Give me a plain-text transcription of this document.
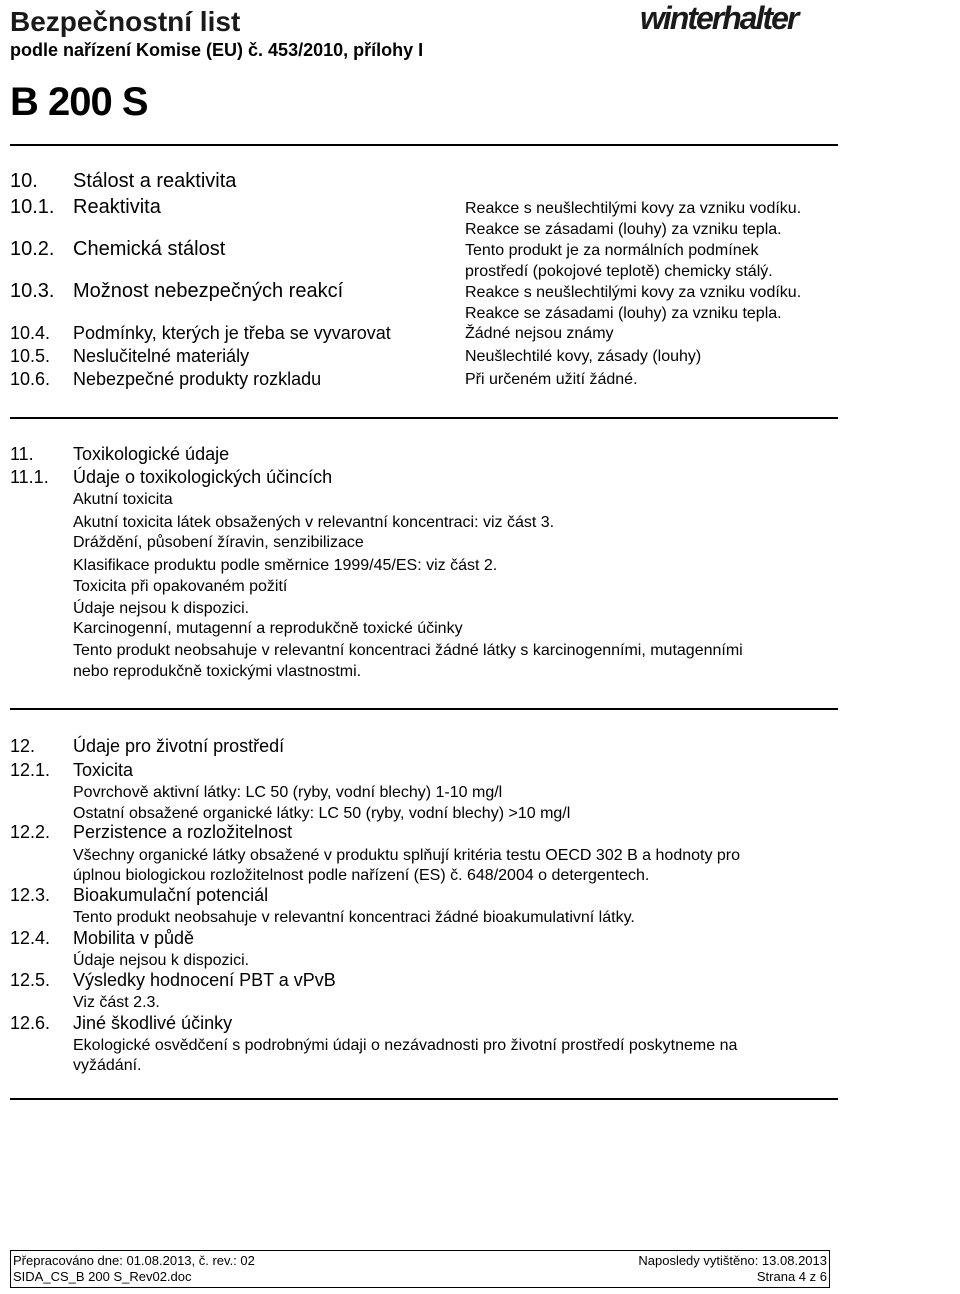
Bezpečnostní list
podle nařízení Komise (EU) č. 453/2010, přílohy I
B 200 S
winterhalter
10. Stálost a reaktivita
10.1. Reaktivita	Reakce s neušlechtilými kovy za vzniku vodíku.
Reakce se zásadami (louhy) za vzniku tepla.
10.2. Chemická stálost	Tento produkt je za normálních podmínek
prostředí (pokojové teplotě) chemicky stálý.
10.3. Možnost nebezpečných reakcí	Reakce s neušlechtilými kovy za vzniku vodíku.
Reakce se zásadami (louhy) za vzniku tepla.
10.4. Podmínky, kterých je třeba se vyvarovat	Žádné nejsou známy
10.5. Neslučitelné materiály	Neušlechtilé kovy, zásady (louhy)
10.6. Nebezpečné produkty rozkladu	Při určeném užití žádné.
11. Toxikologické údaje
11.1. Údaje o toxikologických účincích
Akutní toxicita
Akutní toxicita látek obsažených v relevantní koncentraci: viz část 3.
Dráždění, působení žíravin, senzibilizace
Klasifikace produktu podle směrnice 1999/45/ES: viz část 2.
Toxicita při opakovaném požití
Údaje nejsou k dispozici.
Karcinogenní, mutagenní a reprodukčně toxické účinky
Tento produkt neobsahuje v relevantní koncentraci žádné látky s karcinogenními, mutagenními
nebo reprodukčně toxickými vlastnostmi.
12. Údaje pro životní prostředí
12.1. Toxicita
Povrchově aktivní látky: LC 50 (ryby, vodní blechy) 1-10 mg/l
Ostatní obsažené organické látky: LC 50 (ryby, vodní blechy) >10 mg/l
12.2. Perzistence a rozložitelnost
Všechny organické látky obsažené v produktu splňují kritéria testu OECD 302 B a hodnoty pro
úplnou biologickou rozložitelnost podle nařízení (ES) č. 648/2004 o detergentech.
12.3. Bioakumulační potenciál
Tento produkt neobsahuje v relevantní koncentraci žádné bioakumulativní látky.
12.4. Mobilita v půdě
Údaje nejsou k dispozici.
12.5. Výsledky hodnocení PBT a vPvB
Viz část 2.3.
12.6. Jiné škodlivé účinky
Ekologické osvědčení s podrobnými údaji o nezávadnosti pro životní prostředí poskytneme na
vyžádání.
Přepracováno dne: 01.08.2013, č. rev.: 02	Naposledy vytištěno: 13.08.2013
SIDA_CS_B 200 S_Rev02.doc	Strana 4 z 6
